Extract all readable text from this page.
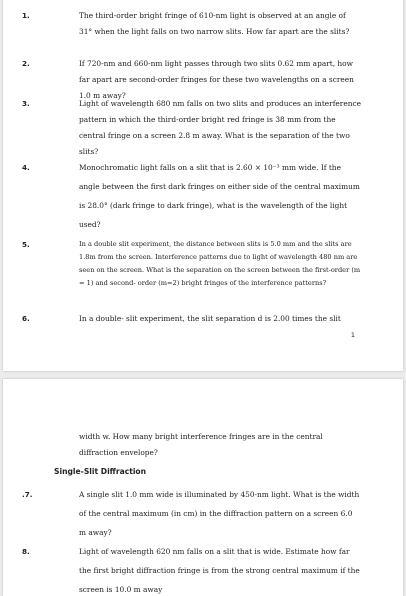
1.	The third-order bright fringe of 610-nm light is observed at an angle of 31° when the light falls on two narrow slits. How far apart are the slits?
2.	If 720-nm and 660-nm light passes through two slits 0.62 mm apart, how far apart are second-order fringes for these two wavelengths on a screen 1.0 m away?
3.	Light of wavelength 680 nm falls on two slits and produces an interference pattern in which the third-order bright red fringe is 38 mm from the central fringe on a screen 2.8 m away. What is the separation of the two slits?
4.	Monochromatic light falls on a slit that is 2.60 × 10⁻³ mm wide. If the angle between the first dark fringes on either side of the central maximum is 28.0° (dark fringe to dark fringe), what is the wavelength of the light used?
5.	In a double slit experiment, the distance between slits is 5.0 mm and the slits are 1.8m from the screen. Interference patterns due to light of wavelength 480 nm are seen on the screen. What is the separation on the screen between the first-order (m = 1) and second- order (m=2) bright fringes of the interference patterns?
6.	In a double- slit experiment, the slit separation d is 2.00 times the slit
1
width w. How many bright interference fringes are in the central diffraction envelope?
Single-Slit Diffraction
.7.	A single slit 1.0 mm wide is illuminated by 450-nm light. What is the width of the central maximum (in cm) in the diffraction pattern on a screen 6.0 m away?
8.	Light of wavelength 620 nm falls on a slit that is wide. Estimate how far the first bright diffraction fringe is from the strong central maximum if the screen is 10.0 m away
